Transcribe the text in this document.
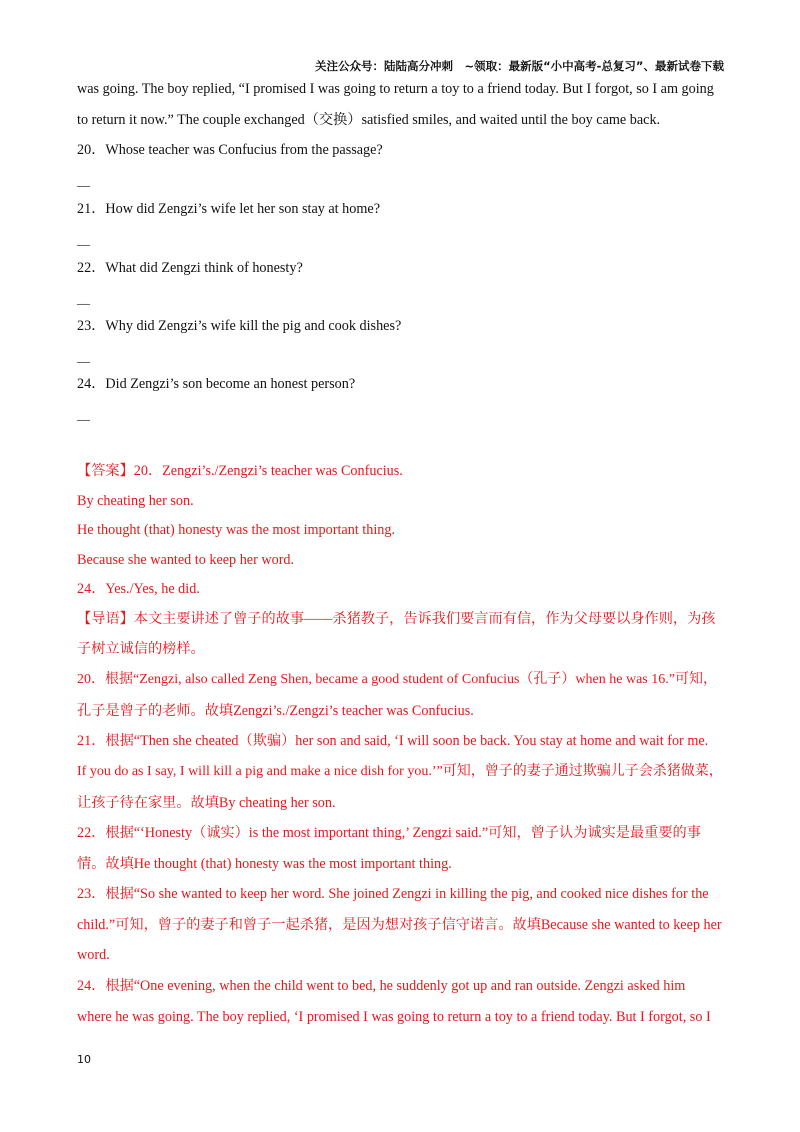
关注公众号：陆陆高分冲刺　~领取：最新版“小中高考-总复习”、最新试卷下载
was going. The boy replied, “I promised I was going to return a toy to a friend today. But I forgot, so I am going
to return it now.” The couple exchanged（交换）satisfied smiles, and waited until the boy came back.
20．Whose teacher was Confucius from the passage?
__
21．How did Zengzi’s wife let her son stay at home?
__
22．What did Zengzi think of honesty?
__
23．Why did Zengzi’s wife kill the pig and cook dishes?
__
24．Did Zengzi’s son become an honest person?
__
【答案】20．Zengzi’s./Zengzi’s teacher was Confucius.
By cheating her son.
He thought (that) honesty was the most important thing.
Because she wanted to keep her word.
24．Yes./Yes, he did.
【导语】本文主要讲述了曾子的故事——杀猪教子，告诉我们要言而有信，作为父母要以身作则，为孩
子树立诚信的榜样。
20．根据“Zengzi, also called Zeng Shen, became a good student of Confucius（孔子）when he was 16.”可知，
孔子是曾子的老师。故填Zengzi’s./Zengzi’s teacher was Confucius.
21．根据“Then she cheated（欺骗）her son and said, ‘I will soon be back. You stay at home and wait for me.
If you do as I say, I will kill a pig and make a nice dish for you.’”可知，曾子的妻子通过欺骗儿子会杀猪做菜，
让孩子待在家里。故填By cheating her son.
22．根据“‘Honesty（诚实）is the most important thing,’ Zengzi said.”可知，曾子认为诚实是最重要的事
情。故填He thought (that) honesty was the most important thing.
23．根据“So she wanted to keep her word. She joined Zengzi in killing the pig, and cooked nice dishes for the
child.”可知，曾子的妻子和曾子一起杀猪，是因为想对孩子信守诺言。故填Because she wanted to keep her
word.
24．根据“One evening, when the child went to bed, he suddenly got up and ran outside. Zengzi asked him
where he was going. The boy replied, ‘I promised I was going to return a toy to a friend today. But I forgot, so I
10
